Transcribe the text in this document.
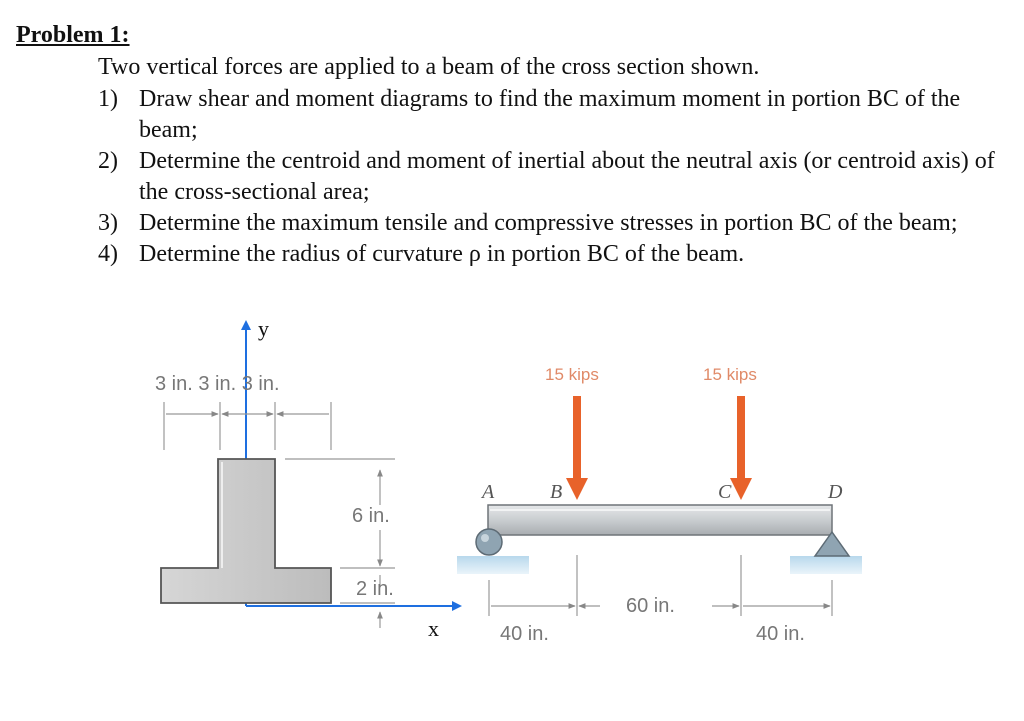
Problem 1:
Two vertical forces are applied to a beam of the cross section shown.
1) Draw shear and moment diagrams to find the maximum moment in portion BC of the beam;
2) Determine the centroid and moment of inertial about the neutral axis (or centroid axis) of the cross-sectional area;
3) Determine the maximum tensile and compressive stresses in portion BC of the beam;
4) Determine the radius of curvature ρ in portion BC of the beam.
y
x
3 in. 3 in. 3 in.
6 in.
2 in.
A	B	C	D
15 kips	15 kips
40 in.
60 in.
40 in.
